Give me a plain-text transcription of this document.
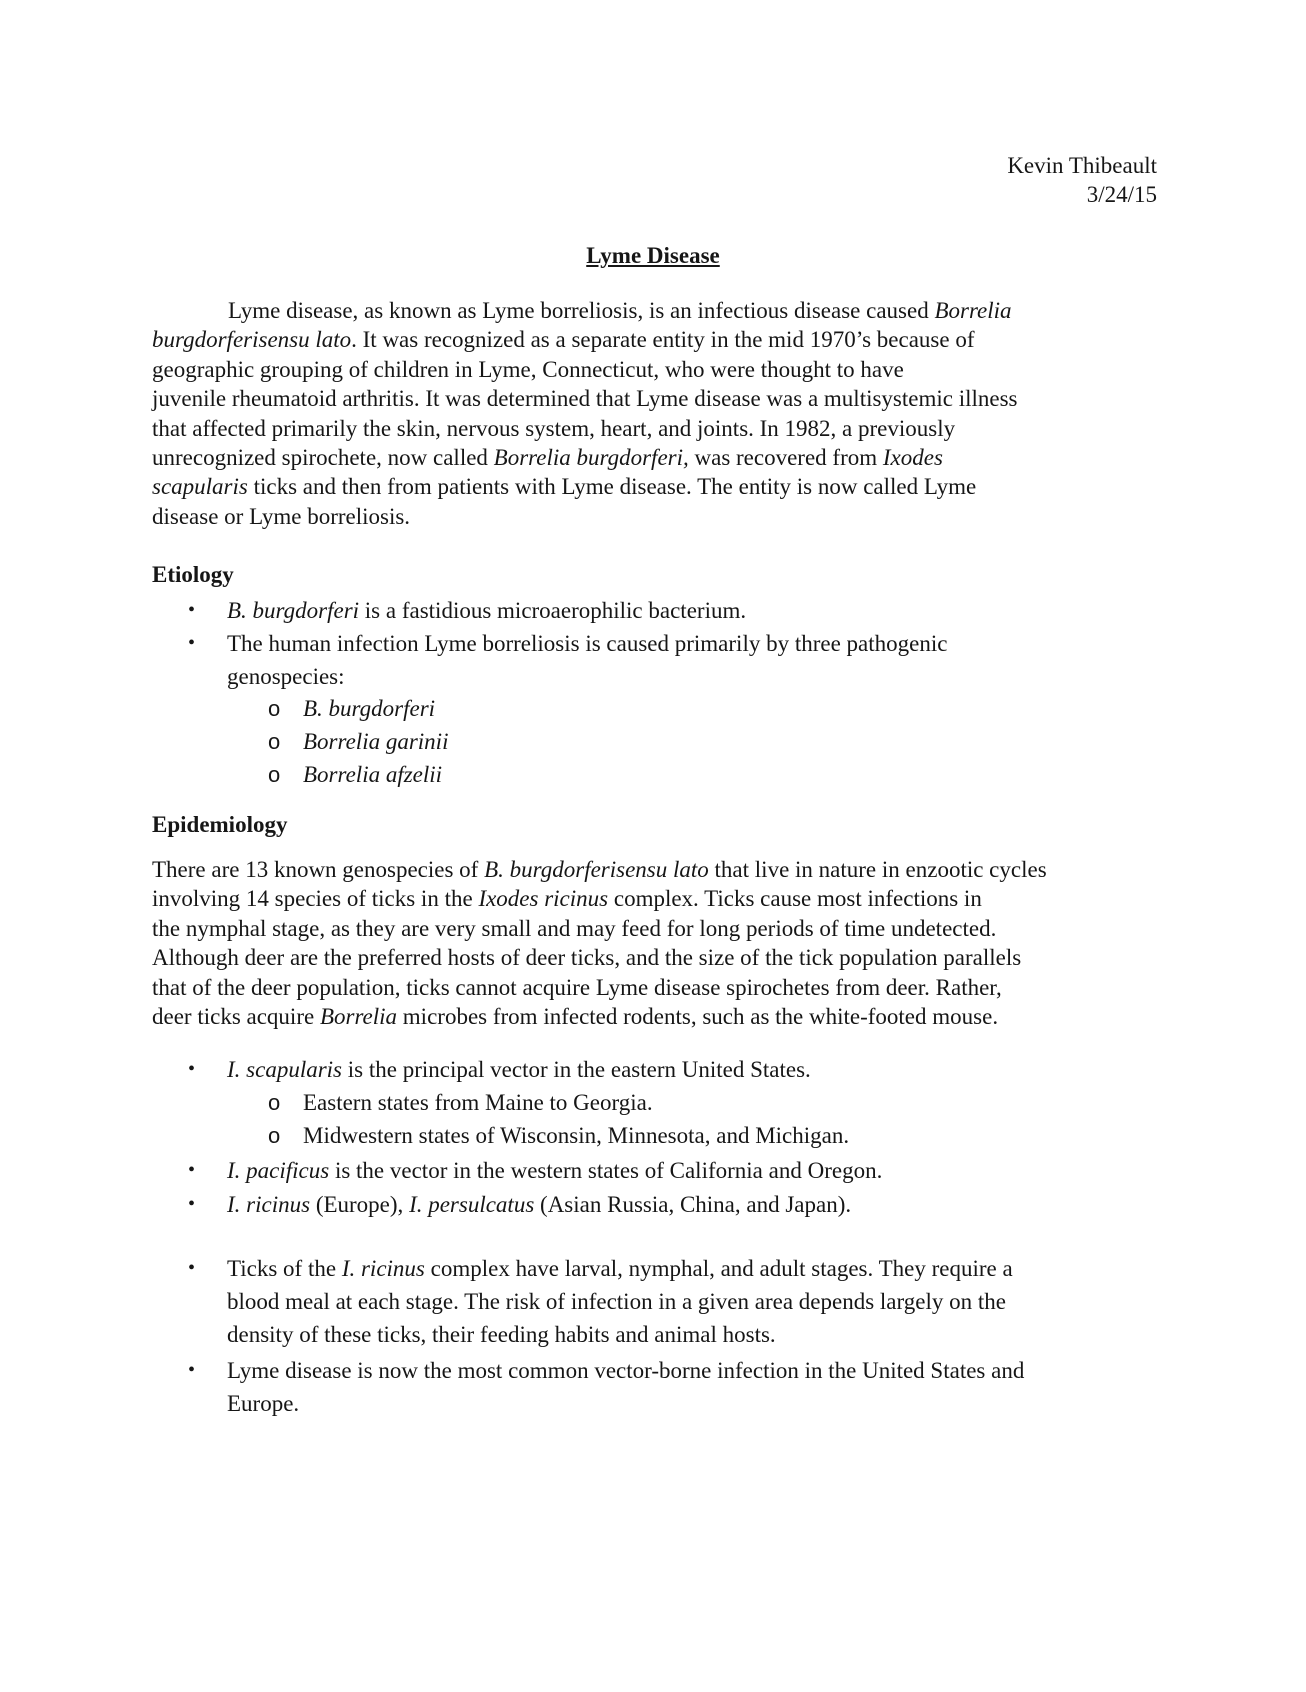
Kevin Thibeault
3/24/15
Lyme Disease
Lyme disease, as known as Lyme borreliosis, is an infectious disease caused Borrelia
burgdorferisensu lato. It was recognized as a separate entity in the mid 1970’s because of
geographic grouping of children in Lyme, Connecticut, who were thought to have
juvenile rheumatoid arthritis. It was determined that Lyme disease was a multisystemic illness
that affected primarily the skin, nervous system, heart, and joints. In 1982, a previously
unrecognized spirochete, now called Borrelia burgdorferi, was recovered from Ixodes
scapularis ticks and then from patients with Lyme disease. The entity is now called Lyme
disease or Lyme borreliosis.
Etiology
• B. burgdorferi is a fastidious microaerophilic bacterium.
• The human infection Lyme borreliosis is caused primarily by three pathogenic
genospecies:
o B. burgdorferi
o Borrelia garinii
o Borrelia afzelii
Epidemiology
There are 13 known genospecies of B. burgdorferisensu lato that live in nature in enzootic cycles
involving 14 species of ticks in the Ixodes ricinus complex. Ticks cause most infections in
the nymphal stage, as they are very small and may feed for long periods of time undetected.
Although deer are the preferred hosts of deer ticks, and the size of the tick population parallels
that of the deer population, ticks cannot acquire Lyme disease spirochetes from deer. Rather,
deer ticks acquire Borrelia microbes from infected rodents, such as the white-footed mouse.
• I. scapularis is the principal vector in the eastern United States.
o Eastern states from Maine to Georgia.
o Midwestern states of Wisconsin, Minnesota, and Michigan.
• I. pacificus is the vector in the western states of California and Oregon.
• I. ricinus (Europe), I. persulcatus (Asian Russia, China, and Japan).
• Ticks of the I. ricinus complex have larval, nymphal, and adult stages. They require a
blood meal at each stage. The risk of infection in a given area depends largely on the
density of these ticks, their feeding habits and animal hosts.
• Lyme disease is now the most common vector-borne infection in the United States and
Europe.
